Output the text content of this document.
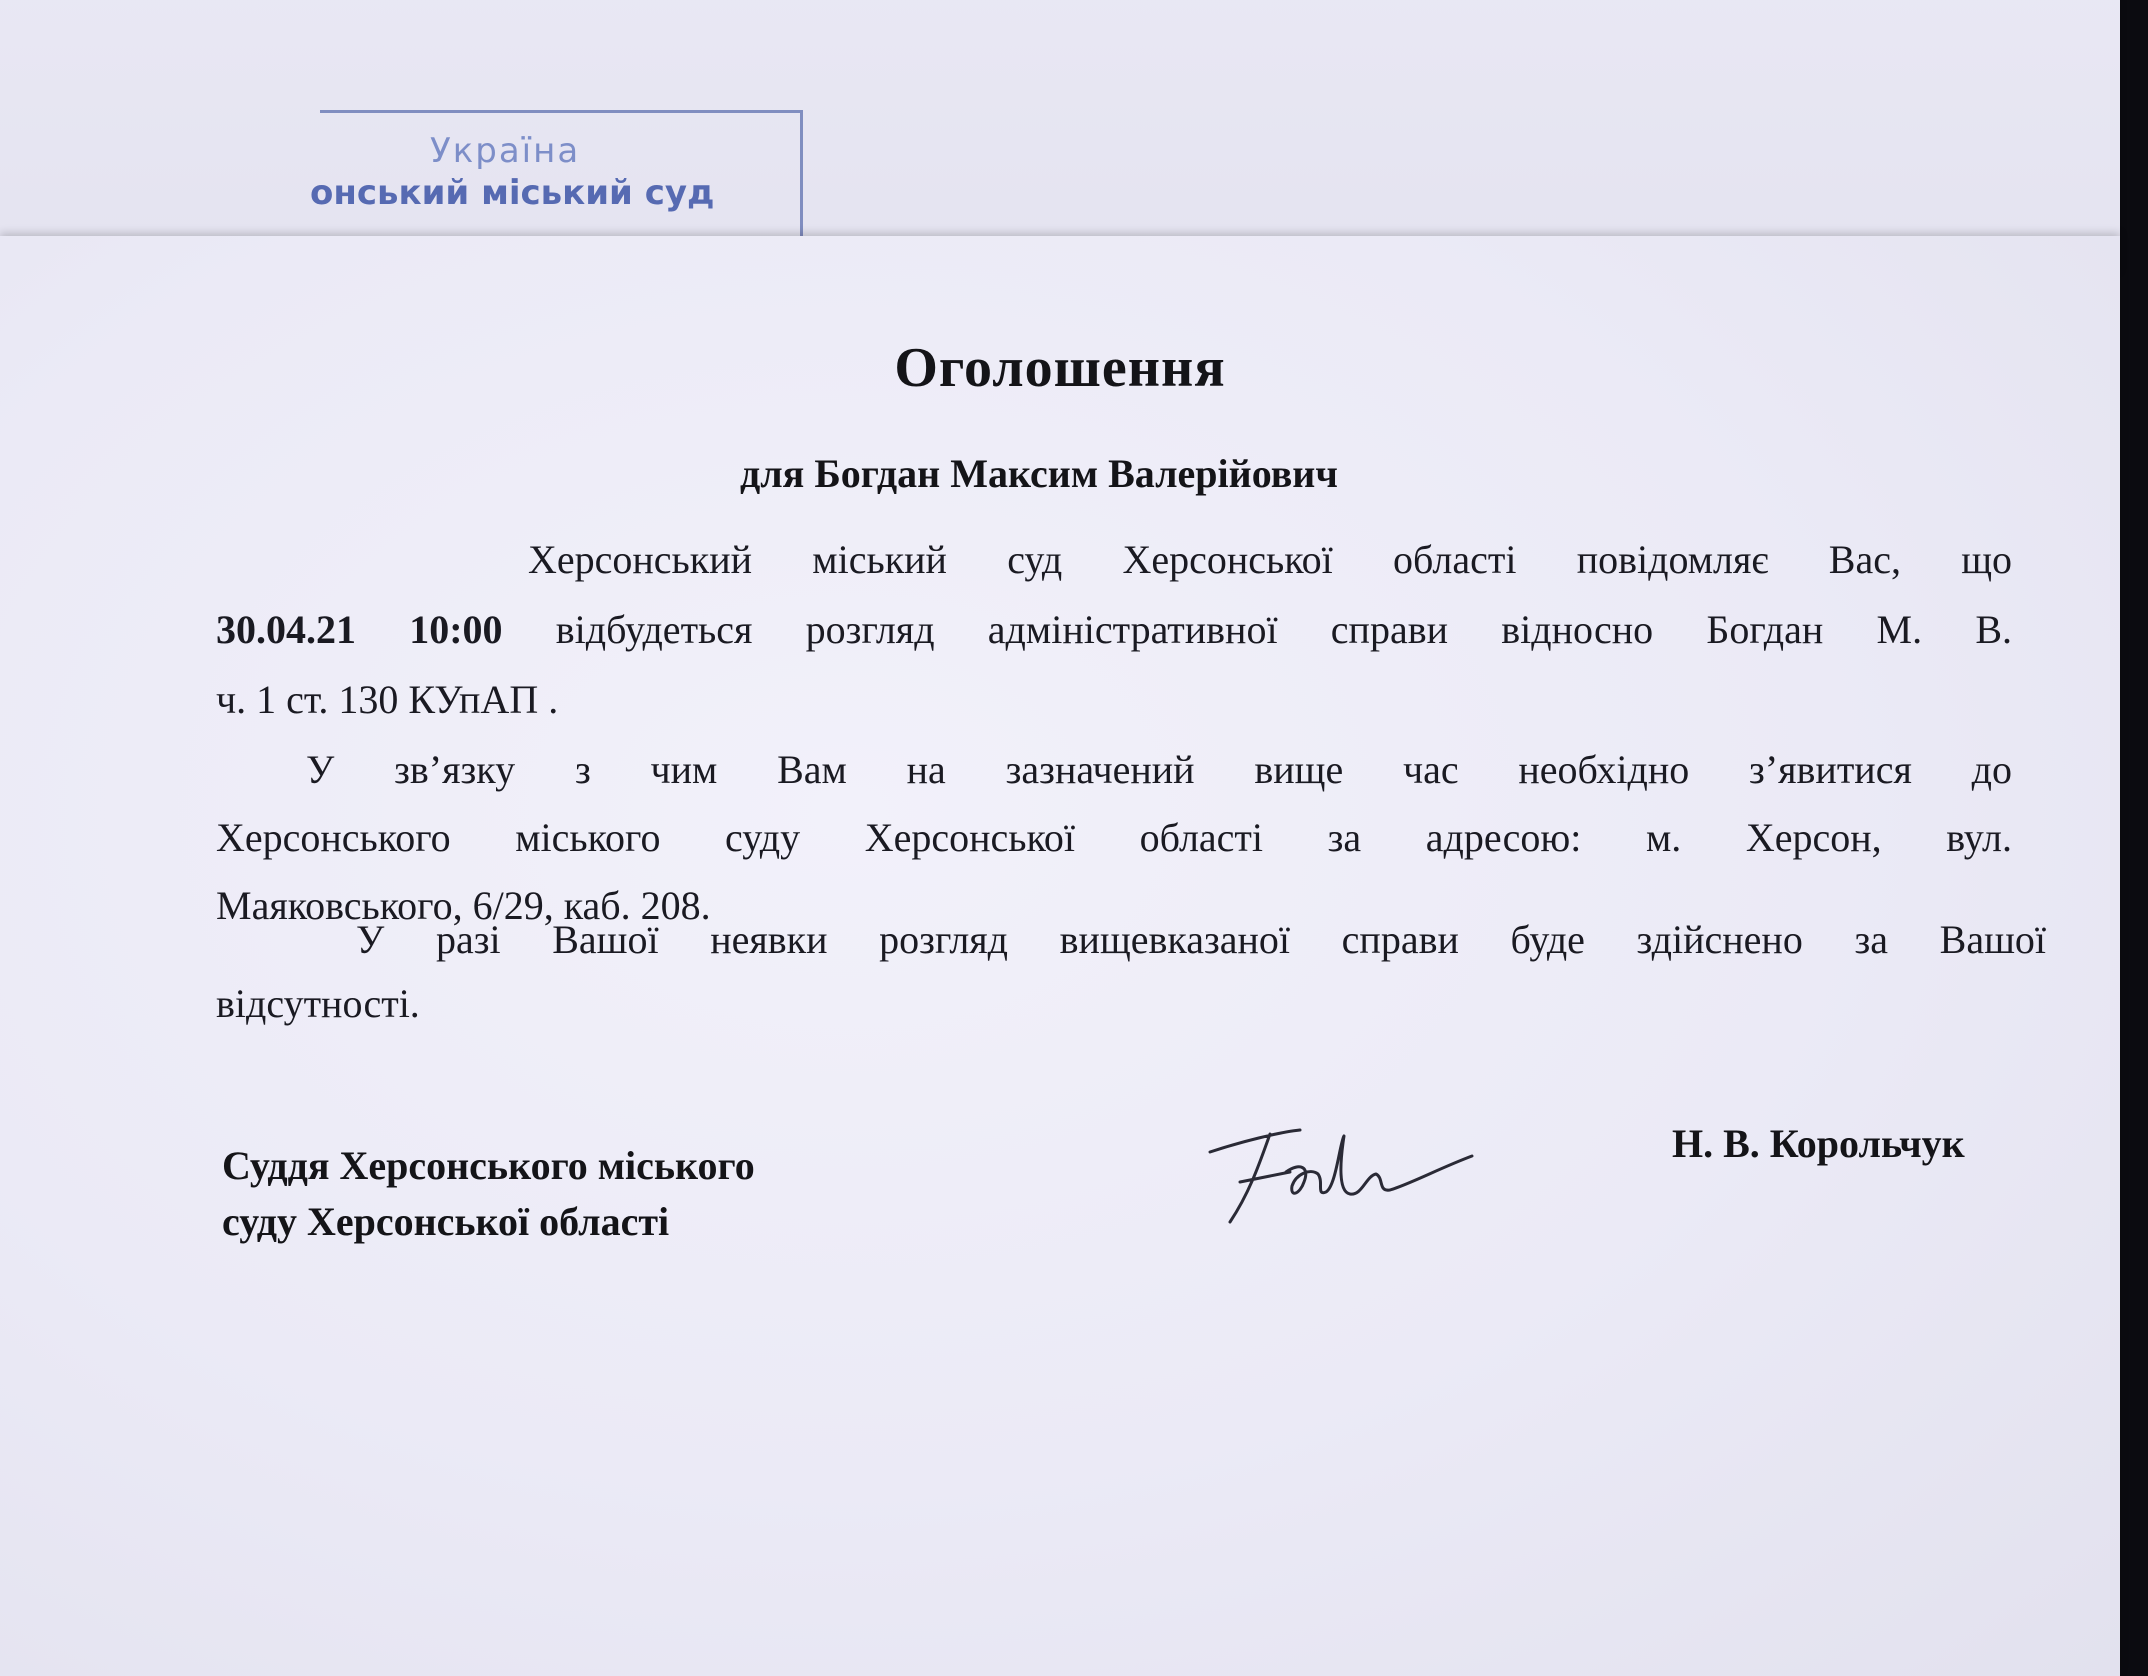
Україна
онський міський суд
Оголошення
для Богдан Максим Валерійович
Херсонський міський суд Херсонської області повідомляє Вас, що
30.04.21 10:00 відбудеться розгляд адміністративної справи відносно Богдан М. В.
ч. 1 ст. 130 КУпАП .
У зв’язку з чим Вам на зазначений вище час необхідно з’явитися до
Херсонського міського суду Херсонської області за адресою: м. Херсон, вул.
Маяковського, 6/29, каб. 208.
У разі Вашої неявки розгляд вищевказаної справи буде здійснено за Вашої
відсутності.
Суддя Херсонського міського
суду Херсонської області
Н. В. Корольчук
